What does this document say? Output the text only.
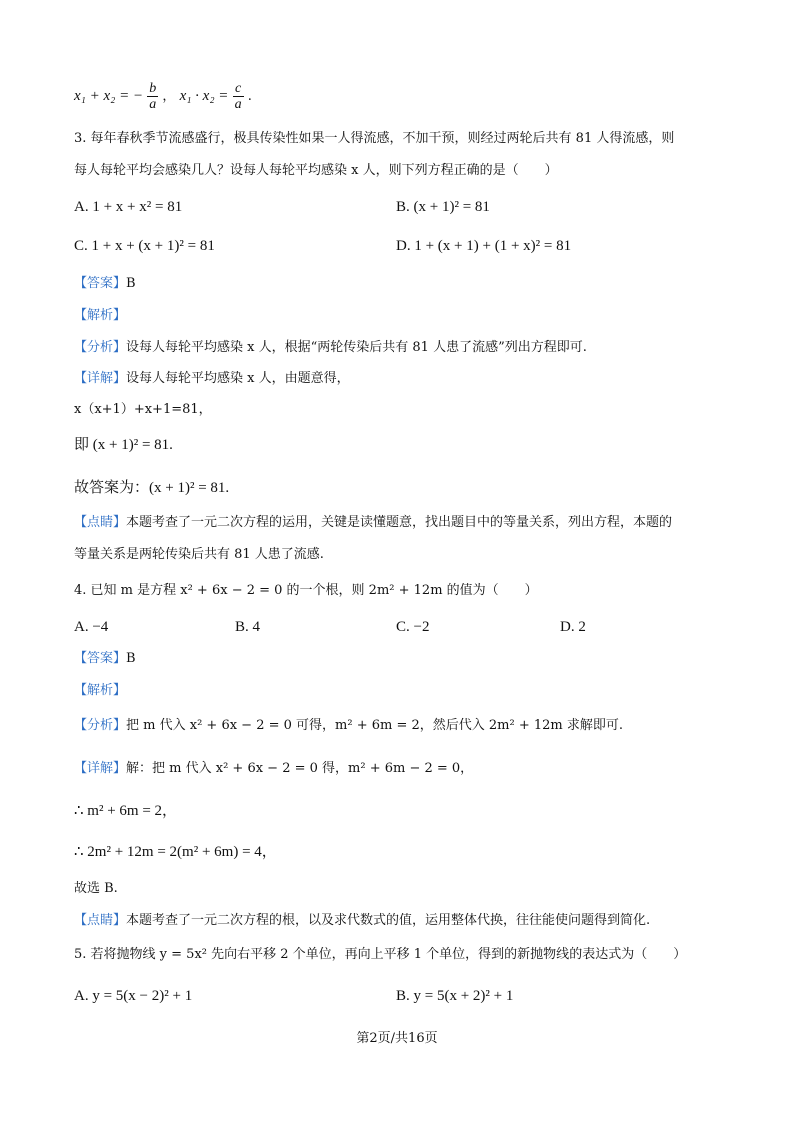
x₁ + x₂ = − $\frac{b}{a}$ ， $x_1 \cdot x_2 = \frac{c}{a}$ .
3. 每年春秋季节流感盛行，极具传染性如果一人得流感，不加干预，则经过两轮后共有 81 人得流感，则
每人每轮平均会感染几人？设每人每轮平均感染 x 人，则下列方程正确的是（　　）
A. 1 + x + x² = 81	B. (x + 1)² = 81
C. 1 + x + (x + 1)² = 81	D. 1 + (x + 1) + (1 + x)² = 81
【答案】B
【解析】
【分析】设每人每轮平均感染 x 人，根据“两轮传染后共有 81 人患了流感”列出方程即可.
【详解】设每人每轮平均感染 x 人，由题意得，
x（x+1）+x+1=81，
即 (x + 1)² = 81.
故答案为：(x + 1)² = 81.
【点睛】本题考查了一元二次方程的运用，关键是读懂题意，找出题目中的等量关系，列出方程，本题的
等量关系是两轮传染后共有 81 人患了流感.
4. 已知 m 是方程 x² + 6x − 2 = 0 的一个根，则 2m² + 12m 的值为（　　）
A. −4	B. 4	C. −2	D. 2
【答案】B
【解析】
【分析】把 m 代入 x² + 6x − 2 = 0 可得，m² + 6m = 2，然后代入 2m² + 12m 求解即可.
【详解】解：把 m 代入 x² + 6x − 2 = 0 得，m² + 6m − 2 = 0，
∴ m² + 6m = 2，
∴ 2m² + 12m = 2(m² + 6m) = 4，
故选 B.
【点睛】本题考查了一元二次方程的根，以及求代数式的值，运用整体代换，往往能使问题得到简化.
5. 若将抛物线 y = 5x² 先向右平移 2 个单位，再向上平移 1 个单位，得到的新抛物线的表达式为（　　）
A. y = 5(x − 2)² + 1	B. y = 5(x + 2)² + 1
第2页/共16页
